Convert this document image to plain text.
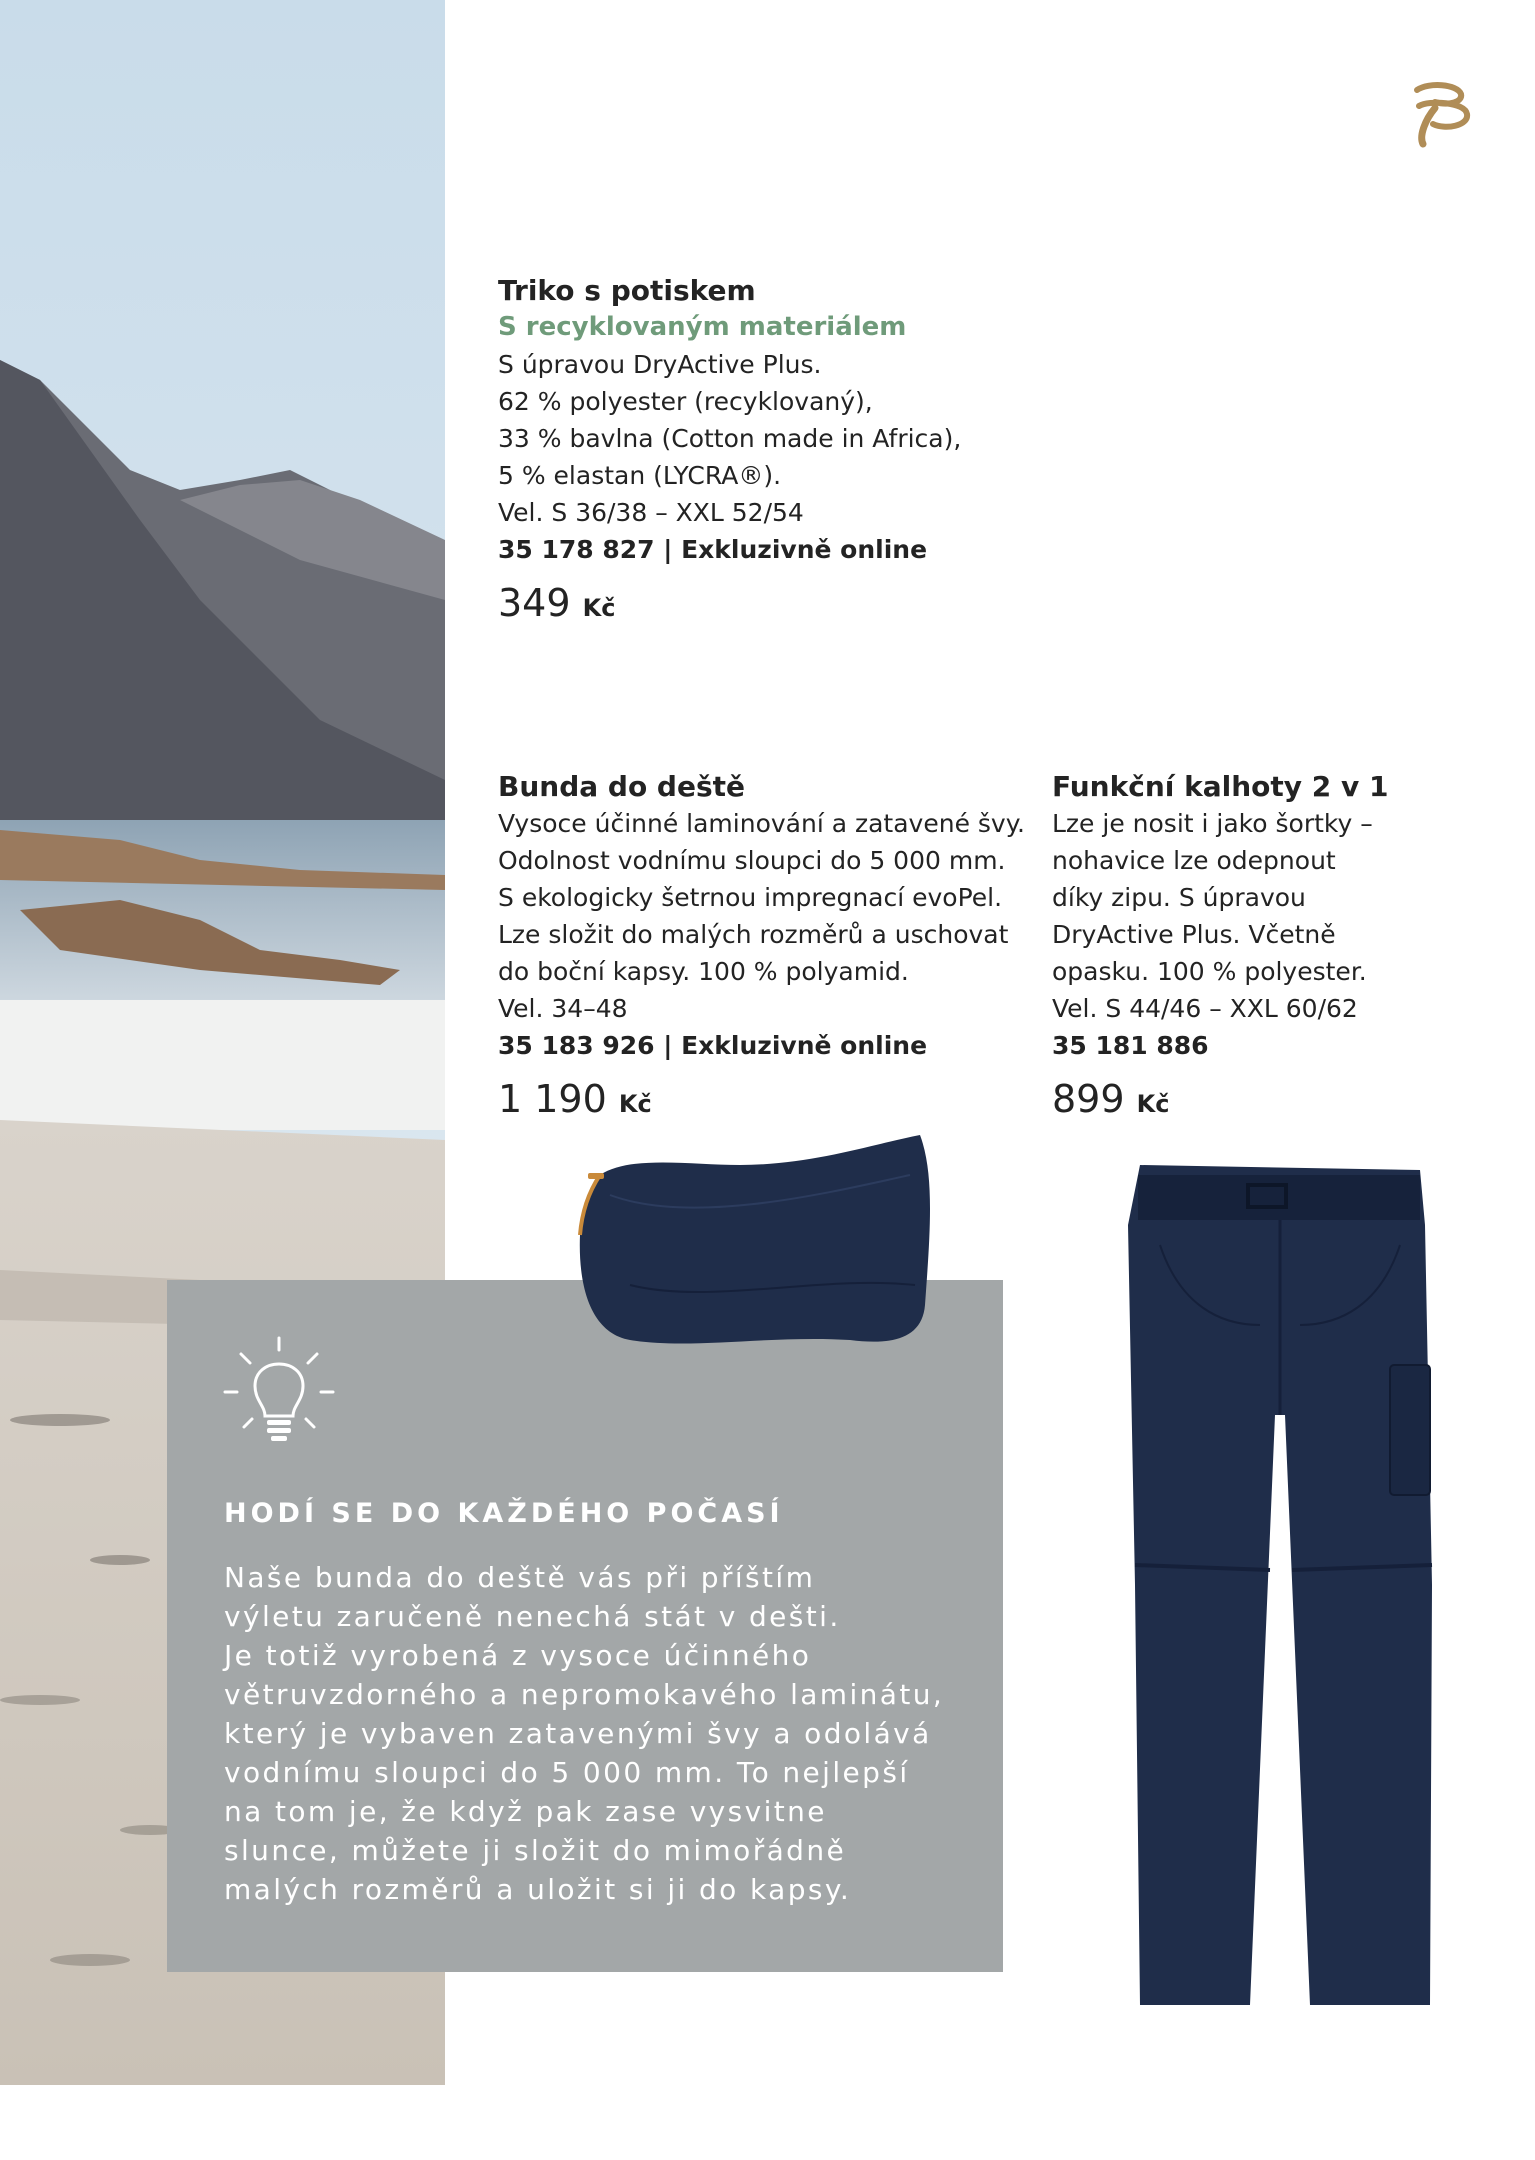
Triko s potiskem
S recyklovaným materiálem
S úpravou DryActive Plus.
62 % polyester (recyklovaný),
33 % bavlna (Cotton made in Africa),
5 % elastan (LYCRA®).
Vel. S 36/38 – XXL 52/54
35 178 827 | Exkluzivně online
349 Kč
Bunda do deště
Vysoce účinné laminování a zatavené švy.
Odolnost vodnímu sloupci do 5 000 mm.
S ekologicky šetrnou impregnací evoPel.
Lze složit do malých rozměrů a uschovat
do boční kapsy. 100 % polyamid.
Vel. 34–48
35 183 926 | Exkluzivně online
1 190 Kč
Funkční kalhoty 2 v 1
Lze je nosit i jako šortky –
nohavice lze odepnout
díky zipu. S úpravou
DryActive Plus. Včetně
opasku. 100 % polyester.
Vel. S 44/46 – XXL 60/62
35 181 886
899 Kč
HODÍ SE DO KAŽDÉHO POČASÍ
Naše bunda do deště vás při příštím
výletu zaručeně nenechá stát v dešti.
Je totiž vyrobená z vysoce účinného
větruvzdorného a nepromokavého laminátu,
který je vybaven zatavenými švy a odolává
vodnímu sloupci do 5 000 mm. To nejlepší
na tom je, že když pak zase vysvitne
slunce, můžete ji složit do mimořádně
malých rozměrů a uložit si ji do kapsy.
